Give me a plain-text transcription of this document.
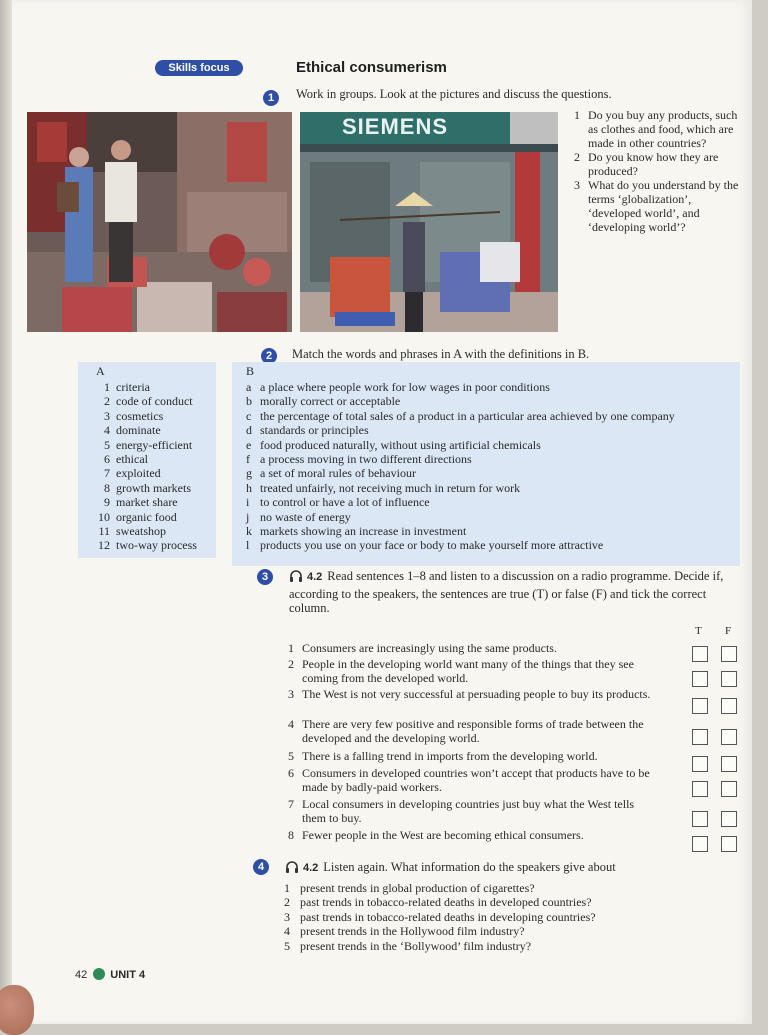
Skills focus	Ethical consumerism
1	Work in groups. Look at the pictures and discuss the questions.
SIEMENS	1 Do you buy any products, such as clothes and food, which are made in other countries?
2 Do you know how they are produced?
3 What do you understand by the terms ‘globalization’, ‘developed world’, and ‘developing world’?
2	Match the words and phrases in A with the definitions in B.
A
1 criteria
2 code of conduct
3 cosmetics
4 dominate
5 energy-efficient
6 ethical
7 exploited
8 growth markets
9 market share
10 organic food
11 sweatshop
12 two-way process
B
a a place where people work for low wages in poor conditions
b morally correct or acceptable
c the percentage of total sales of a product in a particular area achieved by one company
d standards or principles
e food produced naturally, without using artificial chemicals
f a process moving in two different directions
g a set of moral rules of behaviour
h treated unfairly, not receiving much in return for work
i to control or have a lot of influence
j no waste of energy
k markets showing an increase in investment
l products you use on your face or body to make yourself more attractive
3	4.2 Read sentences 1–8 and listen to a discussion on a radio programme. Decide if, according to the speakers, the sentences are true (T) or false (F) and tick the correct column.
T F
1 Consumers are increasingly using the same products.
2 People in the developing world want many of the things that they see coming from the developed world.
3 The West is not very successful at persuading people to buy its products.
4 There are very few positive and responsible forms of trade between the developed and the developing world.
5 There is a falling trend in imports from the developing world.
6 Consumers in developed countries won’t accept that products have to be made by badly-paid workers.
7 Local consumers in developing countries just buy what the West tells them to buy.
8 Fewer people in the West are becoming ethical consumers.
4	4.2 Listen again. What information do the speakers give about
1 present trends in global production of cigarettes?
2 past trends in tobacco-related deaths in developed countries?
3 past trends in tobacco-related deaths in developing countries?
4 present trends in the Hollywood film industry?
5 present trends in the ‘Bollywood’ film industry?
42 UNIT 4
